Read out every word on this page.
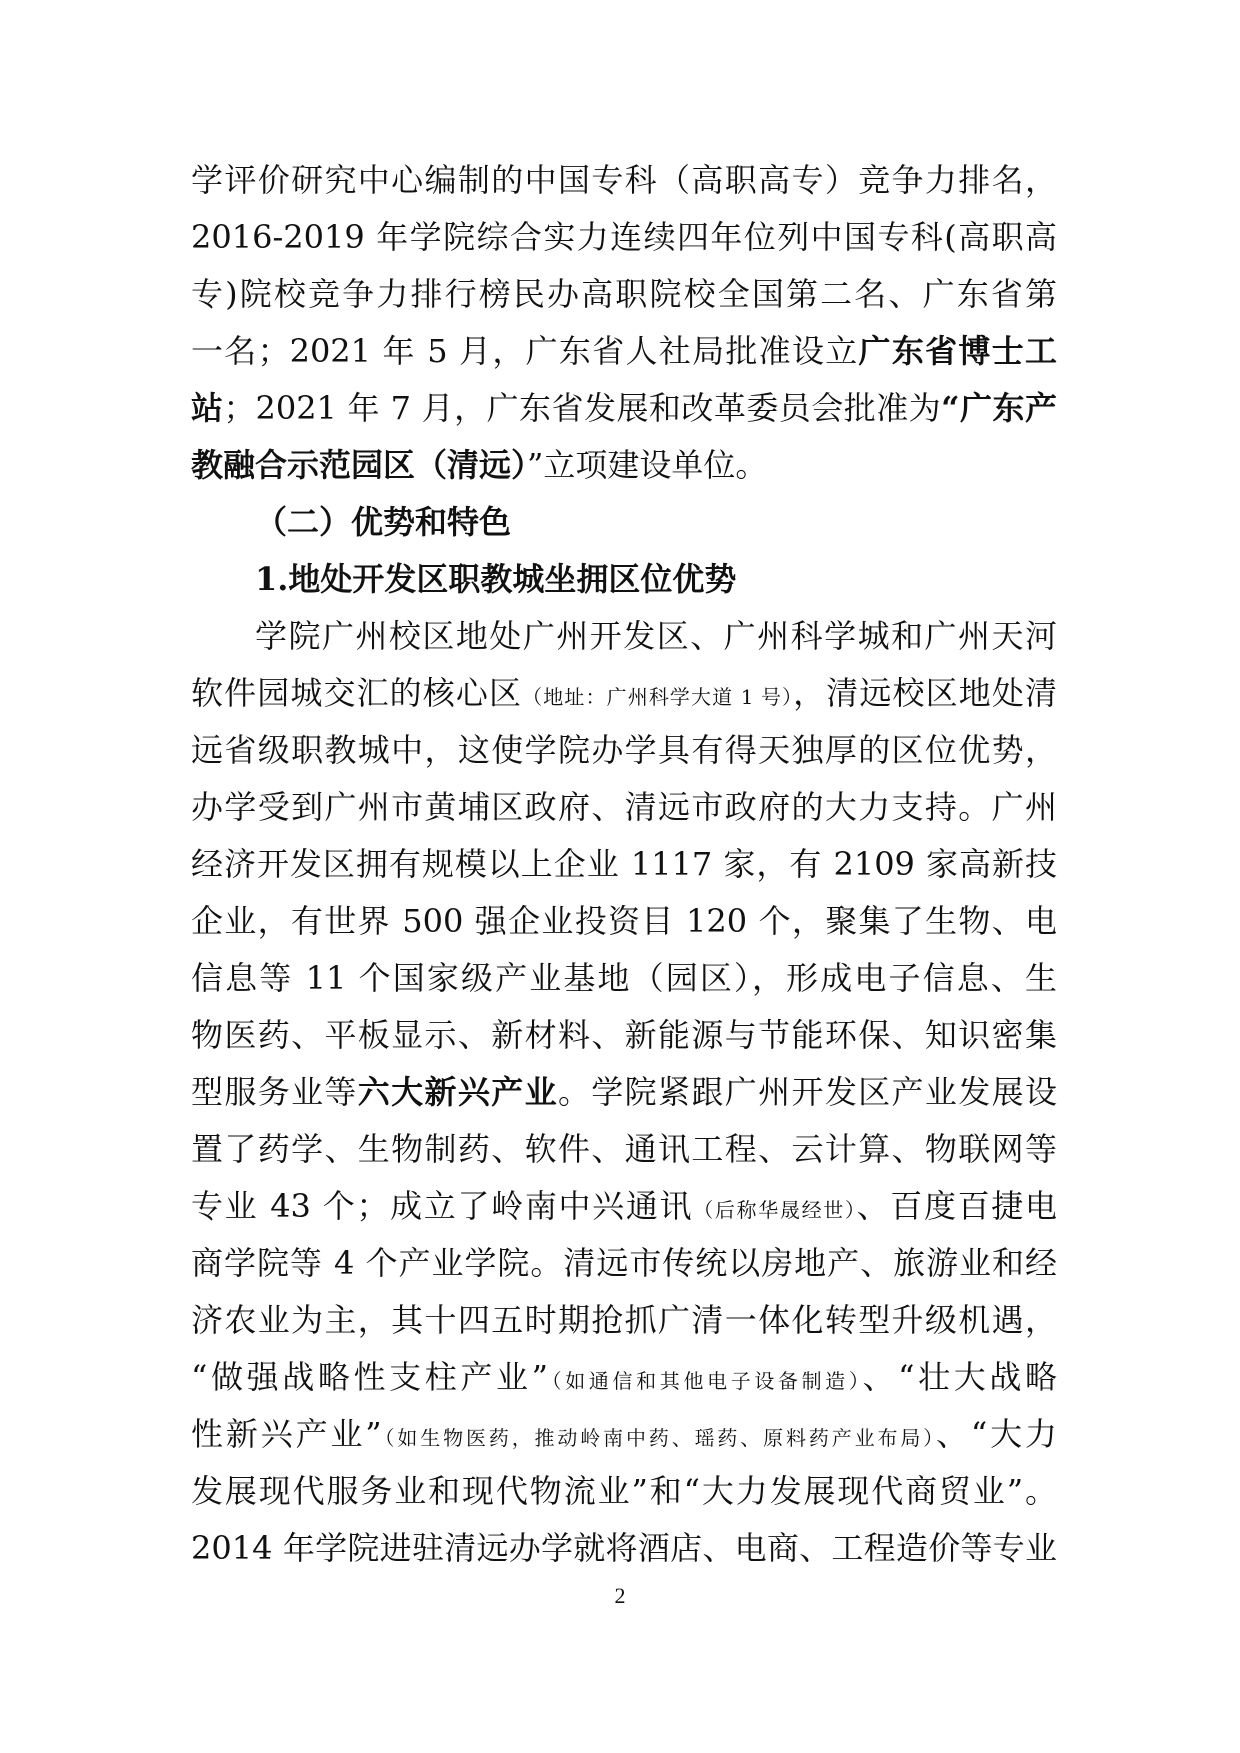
学评价研究中心编制的中国专科（高职高专）竞争力排名，
2016-2019 年学院综合实力连续四年位列中国专科(高职高
专)院校竞争力排行榜民办高职院校全国第二名、广东省第
一名；2021 年 5 月，广东省人社局批准设立广东省博士工
站；2021 年 7 月，广东省发展和改革委员会批准为“广东产
教融合示范园区（清远）”立项建设单位。
（二）优势和特色
1.地处开发区职教城坐拥区位优势
学院广州校区地处广州开发区、广州科学城和广州天河
软件园城交汇的核心区（地址：广州科学大道 1 号），清远校区地处清
远省级职教城中，这使学院办学具有得天独厚的区位优势，
办学受到广州市黄埔区政府、清远市政府的大力支持。广州
经济开发区拥有规模以上企业 1117 家，有 2109 家高新技
企业，有世界 500 强企业投资目 120 个，聚集了生物、电
信息等 11 个国家级产业基地（园区），形成电子信息、生
物医药、平板显示、新材料、新能源与节能环保、知识密集
型服务业等六大新兴产业。学院紧跟广州开发区产业发展设
置了药学、生物制药、软件、通讯工程、云计算、物联网等
专业 43 个；成立了岭南中兴通讯（后称华晟经世）、百度百捷电
商学院等 4 个产业学院。清远市传统以房地产、旅游业和经
济农业为主，其十四五时期抢抓广清一体化转型升级机遇，
“做强战略性支柱产业”（如通信和其他电子设备制造）、“壮大战略
性新兴产业”（如生物医药，推动岭南中药、瑶药、原料药产业布局）、“大力
发展现代服务业和现代物流业”和“大力发展现代商贸业”。
2014 年学院进驻清远办学就将酒店、电商、工程造价等专业
2
